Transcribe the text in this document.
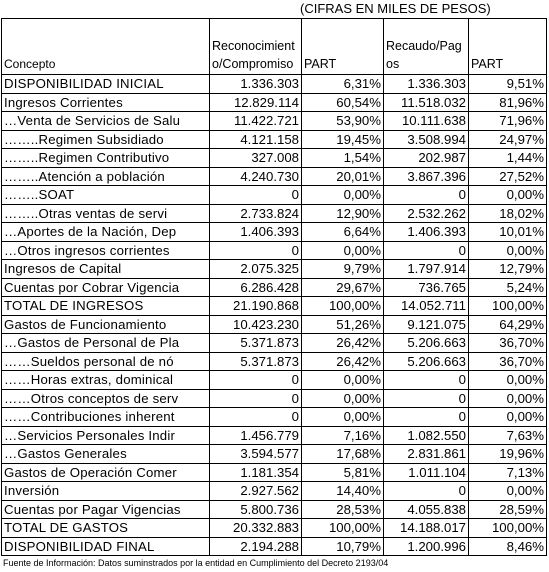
(CIFRAS EN MILES DE PESOS)
Concepto	Reconocimiento/Compromiso	PART	Recaudo/Pagos	PART
DISPONIBILIDAD INICIAL	1.336.303	6,31%	1.336.303	9,51%
Ingresos Corrientes	12.829.114	60,54%	11.518.032	81,96%
…Venta de Servicios de Salu	11.422.721	53,90%	10.111.638	71,96%
……..Regimen Subsidiado	4.121.158	19,45%	3.508.994	24,97%
……..Regimen Contributivo	327.008	1,54%	202.987	1,44%
……..Atención a población	4.240.730	20,01%	3.867.396	27,52%
……..SOAT	0	0,00%	0	0,00%
……..Otras ventas de servi	2.733.824	12,90%	2.532.262	18,02%
…Aportes de la Nación, Dep	1.406.393	6,64%	1.406.393	10,01%
…Otros ingresos corrientes	0	0,00%	0	0,00%
Ingresos de Capital	2.075.325	9,79%	1.797.914	12,79%
Cuentas por Cobrar Vigencia	6.286.428	29,67%	736.765	5,24%
TOTAL DE INGRESOS	21.190.868	100,00%	14.052.711	100,00%
Gastos de Funcionamiento	10.423.230	51,26%	9.121.075	64,29%
…Gastos de Personal de Pla	5.371.873	26,42%	5.206.663	36,70%
……Sueldos personal de nó	5.371.873	26,42%	5.206.663	36,70%
……Horas extras, dominical	0	0,00%	0	0,00%
……Otros conceptos de serv	0	0,00%	0	0,00%
……Contribuciones inherent	0	0,00%	0	0,00%
…Servicios Personales Indir	1.456.779	7,16%	1.082.550	7,63%
…Gastos Generales	3.594.577	17,68%	2.831.861	19,96%
Gastos de Operación Comer	1.181.354	5,81%	1.011.104	7,13%
Inversión	2.927.562	14,40%	0	0,00%
Cuentas por Pagar Vigencias	5.800.736	28,53%	4.055.838	28,59%
TOTAL DE GASTOS	20.332.883	100,00%	14.188.017	100,00%
DISPONIBILIDAD FINAL	2.194.288	10,79%	1.200.996	8,46%
Fuente de Información: Datos suminstrados por la entidad en Cumplimiento del Decreto 2193/04
